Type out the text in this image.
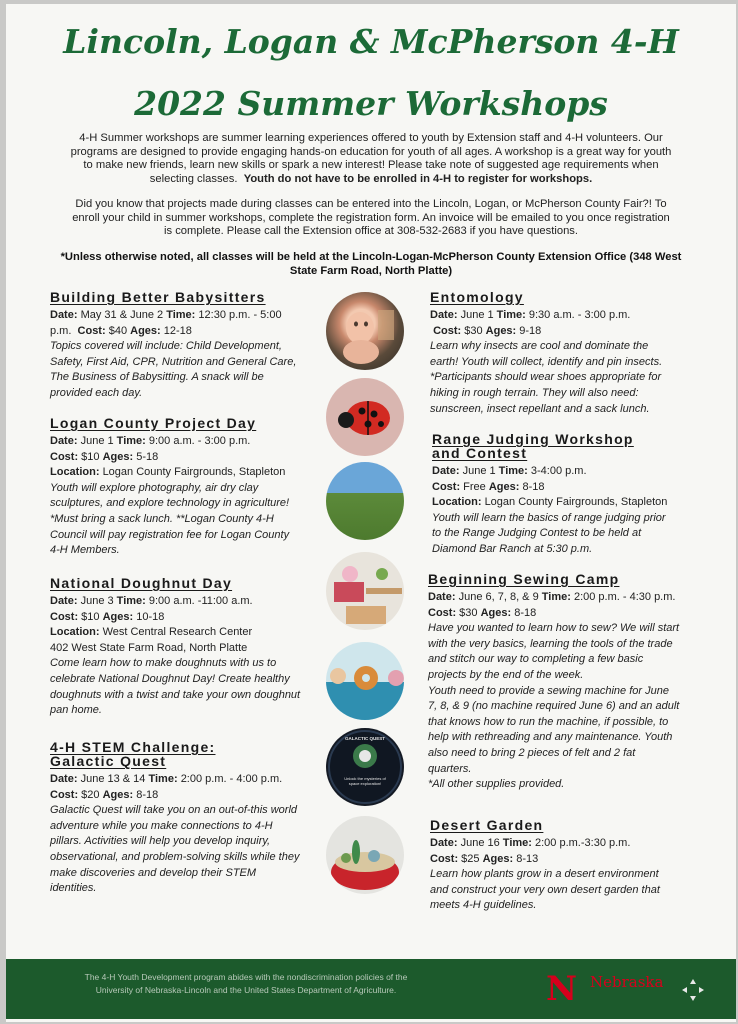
Lincoln, Logan & McPherson 4-H
2022 Summer Workshops
4-H Summer workshops are summer learning experiences offered to youth by Extension staff and 4-H volunteers. Our
programs are designed to provide engaging hands-on education for youth of all ages. A workshop is a great way for youth
to make new friends, learn new skills or spark a new interest! Please take note of suggested age requirements when
selecting classes. Youth do not have to be enrolled in 4-H to register for workshops.
Did you know that projects made during classes can be entered into the Lincoln, Logan, or McPherson County Fair?! To
enroll your child in summer workshops, complete the registration form. An invoice will be emailed to you once registration
is complete. Please call the Extension office at 308-532-2683 if you have questions.
*Unless otherwise noted, all classes will be held at the Lincoln-Logan-McPherson County Extension Office (348 West
State Farm Road, North Platte)
Building Better Babysitters
Date: May 31 & June 2 Time: 12:30 p.m. - 5:00
p.m. Cost: $40 Ages: 12-18
Topics covered will include: Child Development,
Safety, First Aid, CPR, Nutrition and General Care,
The Business of Babysitting. A snack will be
provided each day.
Logan County Project Day
Date: June 1 Time: 9:00 a.m. - 3:00 p.m.
Cost: $10 Ages: 5-18
Location: Logan County Fairgrounds, Stapleton
Youth will explore photography, air dry clay
sculptures, and explore technology in agriculture!
*Must bring a sack lunch. **Logan County 4-H
Council will pay registration fee for Logan County
4-H Members.
National Doughnut Day
Date: June 3 Time: 9:00 a.m. -11:00 a.m.
Cost: $10 Ages: 10-18
Location: West Central Research Center
402 West State Farm Road, North Platte
Come learn how to make doughnuts with us to
celebrate National Doughnut Day! Create healthy
doughnuts with a twist and take your own doughnut
pan home.
4-H STEM Challenge:
Galactic Quest
Date: June 13 & 14 Time: 2:00 p.m. - 4:00 p.m.
Cost: $20 Ages: 8-18
Galactic Quest will take you on an out-of-this world
adventure while you make connections to 4-H
pillars. Activities will help you develop inquiry,
observational, and problem-solving skills while they
make discoveries and develop their STEM
identities.
Entomology
Date: June 1 Time: 9:30 a.m. - 3:00 p.m.
Cost: $30 Ages: 9-18
Learn why insects are cool and dominate the
earth! Youth will collect, identify and pin insects.
*Participants should wear shoes appropriate for
hiking in rough terrain. They will also need:
sunscreen, insect repellant and a sack lunch.
Range Judging Workshop
and Contest
Date: June 1 Time: 3-4:00 p.m.
Cost: Free Ages: 8-18
Location: Logan County Fairgrounds, Stapleton
Youth will learn the basics of range judging prior
to the Range Judging Contest to be held at
Diamond Bar Ranch at 5:30 p.m.
Beginning Sewing Camp
Date: June 6, 7, 8, & 9 Time: 2:00 p.m. - 4:30 p.m.
Cost: $30 Ages: 8-18
Have you wanted to learn how to sew? We will start
with the very basics, learning the tools of the trade
and stitch our way to completing a few basic
projects by the end of the week.
Youth need to provide a sewing machine for June
7, 8, & 9 (no machine required June 6) and an adult
that knows how to run the machine, if possible, to
help with rethreading and any maintenance. Youth
also need to bring 2 pieces of felt and 2 fat
quarters.
*All other supplies provided.
Desert Garden
Date: June 16 Time: 2:00 p.m.-3:30 p.m.
Cost: $25 Ages: 8-13
Learn how plants grow in a desert environment
and construct your very own desert garden that
meets 4-H guidelines.
GALACTIC QUEST
Unlock the mysteries of space exploration!
The 4-H Youth Development program abides with the nondiscrimination policies of the
University of Nebraska-Lincoln and the United States Department of Agriculture.	N Nebraska
